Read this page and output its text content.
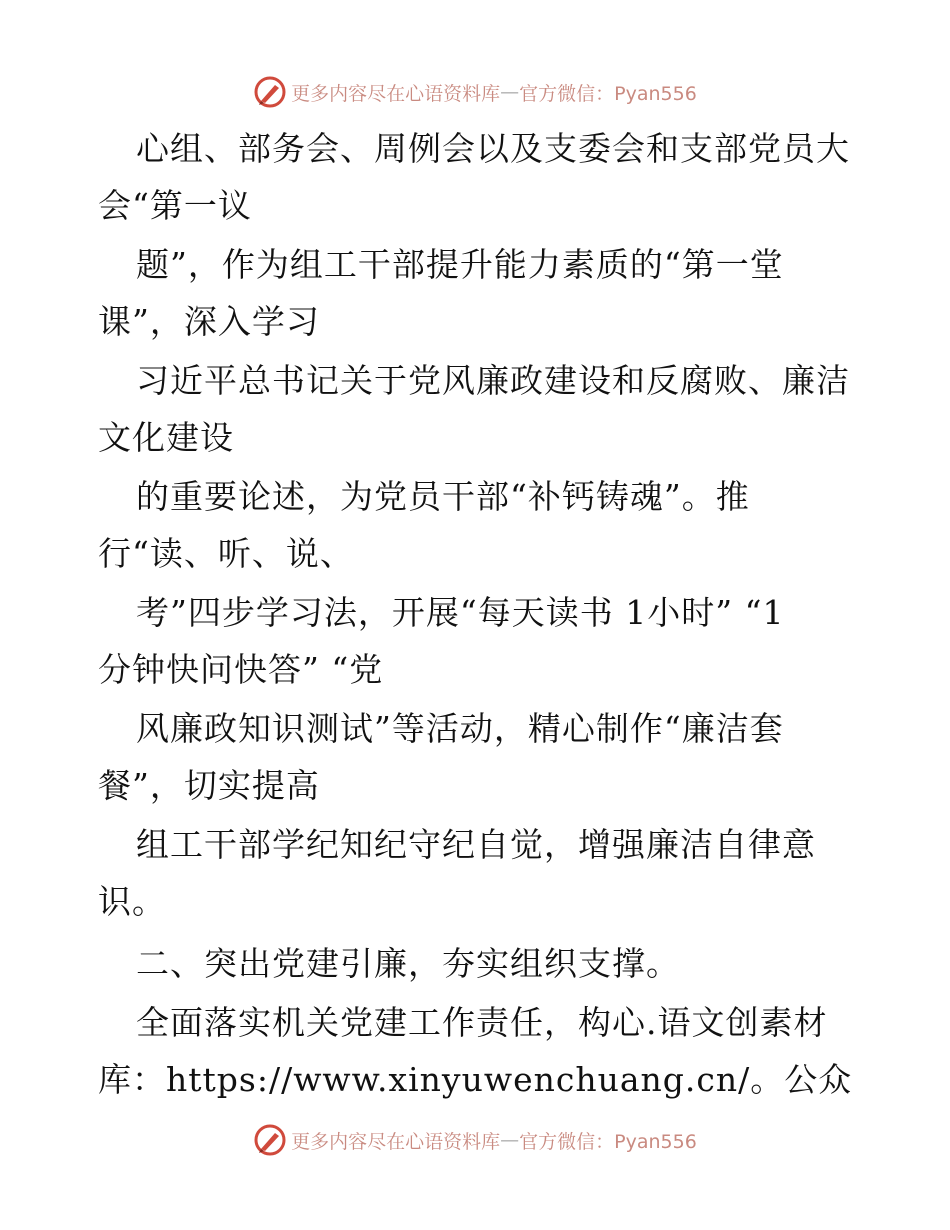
更多内容尽在心语资料库 — 官方微信：Pyan556
心组、部务会、周例会以及支委会和支部党员大
会“第一议
题”，作为组工干部提升能力素质的“第一堂
课”，深入学习
习近平总书记关于党风廉政建设和反腐败、廉洁
文化建设
的重要论述，为党员干部“补钙铸魂”。推
行“读、听、说、
考”四步学习法，开展“每天读书 1小时” “1
分钟快问快答” “党
风廉政知识测试”等活动，精心制作“廉洁套
餐”，切实提高
组工干部学纪知纪守纪自觉，增强廉洁自律意
识。
二、突出党建引廉，夯实组织支撑。
全面落实机关党建工作责任，构心.语文创素材
库：https://www.xinyuwenchuang.cn/。公众
更多内容尽在心语资料库 — 官方微信：Pyan556
